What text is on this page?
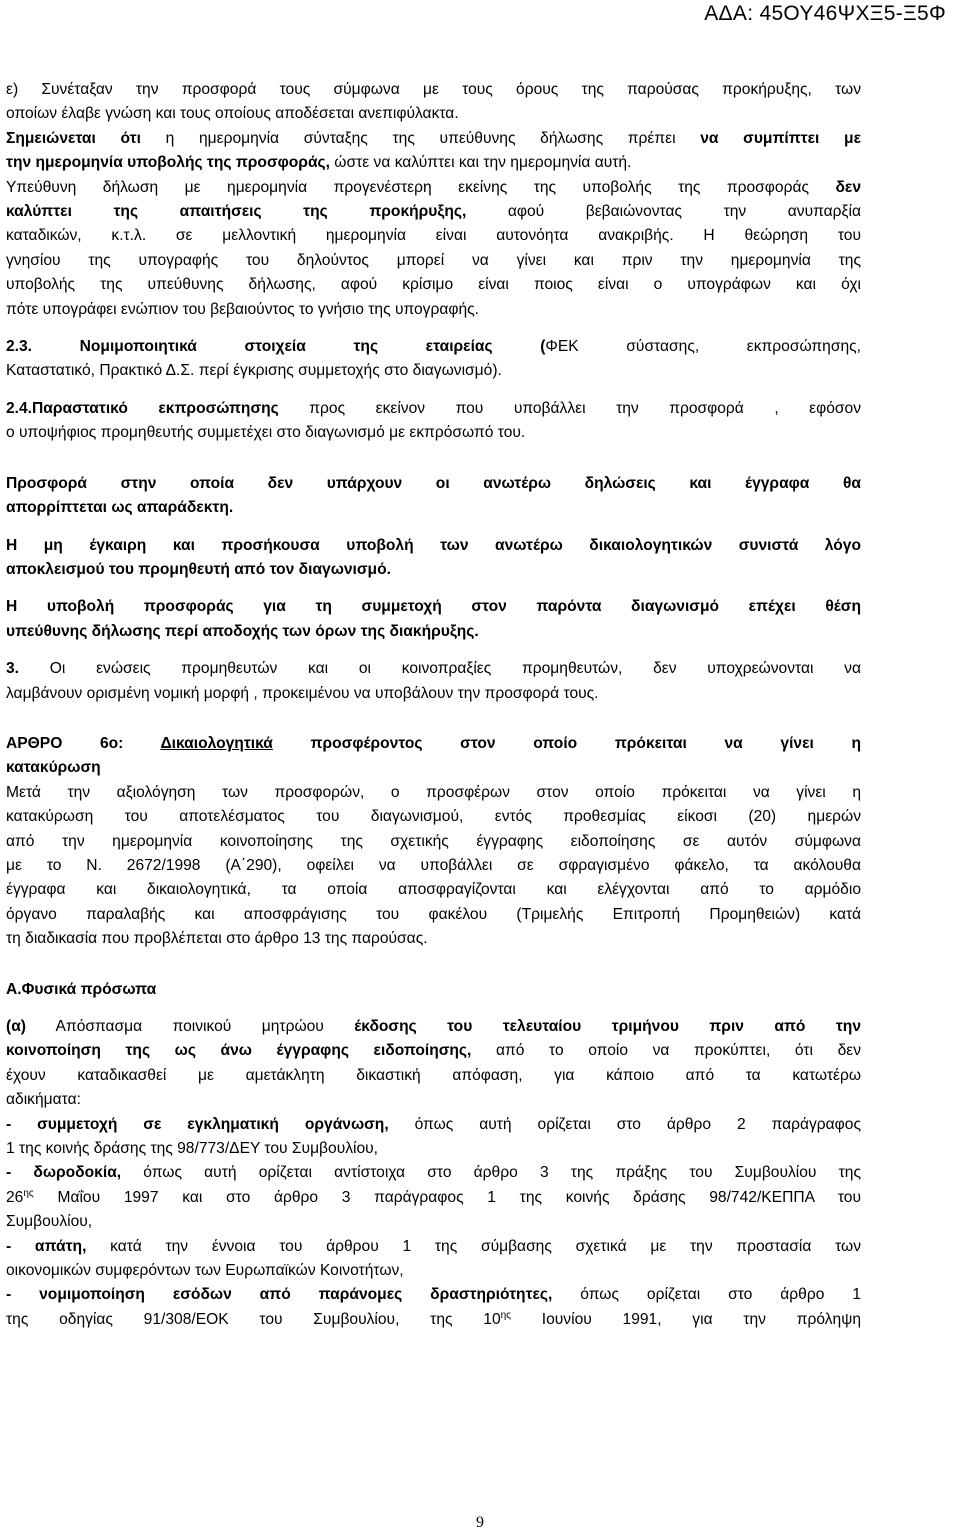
ΑΔΑ: 45ΟΥ46ΨΧΞ5-Ξ5Φ

ε) Συνέταξαν την προσφορά τους σύμφωνα με τους όρους της παρούσας προκήρυξης, των
οποίων έλαβε γνώση και τους οποίους αποδέσεται ανεπιφύλακτα.
Σημειώνεται ότι η ημερομηνία σύνταξης της υπεύθυνης δήλωσης πρέπει να συμπίπτει με
την ημερομηνία υποβολής της προσφοράς, ώστε να καλύπτει και την ημερομηνία αυτή.
Υπεύθυνη δήλωση με ημερομηνία προγενέστερη εκείνης της υποβολής της προσφοράς δεν
καλύπτει της απαιτήσεις της προκήρυξης, αφού βεβαιώνοντας την ανυπαρξία
καταδικών, κ.τ.λ. σε μελλοντική ημερομηνία είναι αυτονόητα ανακριβής. Η θεώρηση του
γνησίου της υπογραφής του δηλούντος μπορεί να γίνει και πριν την ημερομηνία της
υποβολής της υπεύθυνης δήλωσης, αφού κρίσιμο είναι ποιος είναι ο υπογράφων και όχι
πότε υπογράφει ενώπιον του βεβαιούντος το γνήσιο της υπογραφής.

2.3. Νομιμοποιητικά στοιχεία της εταιρείας (ΦΕΚ σύστασης, εκπροσώπησης,
Καταστατικό, Πρακτικό Δ.Σ. περί έγκρισης συμμετοχής στο διαγωνισμό).

2.4.Παραστατικό εκπροσώπησης προς εκείνον που υποβάλλει την προσφορά , εφόσον
ο υποψήφιος προμηθευτής συμμετέχει στο διαγωνισμό με εκπρόσωπό του.

Προσφορά στην οποία δεν υπάρχουν οι ανωτέρω δηλώσεις και έγγραφα θα
απορρίπτεται ως απαράδεκτη.

Η μη έγκαιρη και προσήκουσα υποβολή των ανωτέρω δικαιολογητικών συνιστά λόγο
αποκλεισμού του προμηθευτή από τον διαγωνισμό.

Η υποβολή προσφοράς για τη συμμετοχή στον παρόντα διαγωνισμό επέχει θέση
υπεύθυνης δήλωσης περί αποδοχής των όρων της διακήρυξης.

3. Οι ενώσεις προμηθευτών και οι κοινοπραξίες προμηθευτών, δεν υποχρεώνονται να
λαμβάνουν ορισμένη νομική μορφή , προκειμένου να υποβάλουν την προσφορά τους.

ΑΡΘΡΟ 6ο: Δικαιολογητικά προσφέροντος στον οποίο πρόκειται να γίνει η
κατακύρωση
Μετά την αξιολόγηση των προσφορών, ο προσφέρων στον οποίο πρόκειται να γίνει η
κατακύρωση του αποτελέσματος του διαγωνισμού, εντός προθεσμίας είκοσι (20) ημερών
από την ημερομηνία κοινοποίησης της σχετικής έγγραφης ειδοποίησης σε αυτόν σύμφωνα
με το Ν. 2672/1998 (Α΄290), οφείλει να υποβάλλει σε σφραγισμένο φάκελο, τα ακόλουθα
έγγραφα και δικαιολογητικά, τα οποία αποσφραγίζονται και ελέγχονται από το αρμόδιο
όργανο παραλαβής και αποσφράγισης του φακέλου (Τριμελής Επιτροπή Προμηθειών) κατά
τη διαδικασία που προβλέπεται στο άρθρο 13 της παρούσας.

Α.Φυσικά πρόσωπα

(α) Απόσπασμα ποινικού μητρώου έκδοσης του τελευταίου τριμήνου πριν από την
κοινοποίηση της ως άνω έγγραφης ειδοποίησης, από το οποίο να προκύπτει, ότι δεν
έχουν καταδικασθεί με αμετάκλητη δικαστική απόφαση, για κάποιο από τα κατωτέρω
αδικήματα:
- συμμετοχή σε εγκληματική οργάνωση, όπως αυτή ορίζεται στο άρθρο 2 παράγραφος
1 της κοινής δράσης της 98/773/ΔΕΥ του Συμβουλίου,
- δωροδοκία, όπως αυτή ορίζεται αντίστοιχα στο άρθρο 3 της πράξης του Συμβουλίου της
$26^{\eta\varsigma}$ Μαΐου 1997 και στο άρθρο 3 παράγραφος 1 της κοινής δράσης 98/742/ΚΕΠΠΑ του
Συμβουλίου,
- απάτη, κατά την έννοια του άρθρου 1 της σύμβασης σχετικά με την προστασία των
οικονομικών συμφερόντων των Ευρωπαϊκών Κοινοτήτων,
- νομιμοποίηση εσόδων από παράνομες δραστηριότητες, όπως ορίζεται στο άρθρο 1
της οδηγίας 91/308/ΕΟΚ του Συμβουλίου, της $10^{\eta\varsigma}$ Ιουνίου 1991, για την πρόληψη

9
